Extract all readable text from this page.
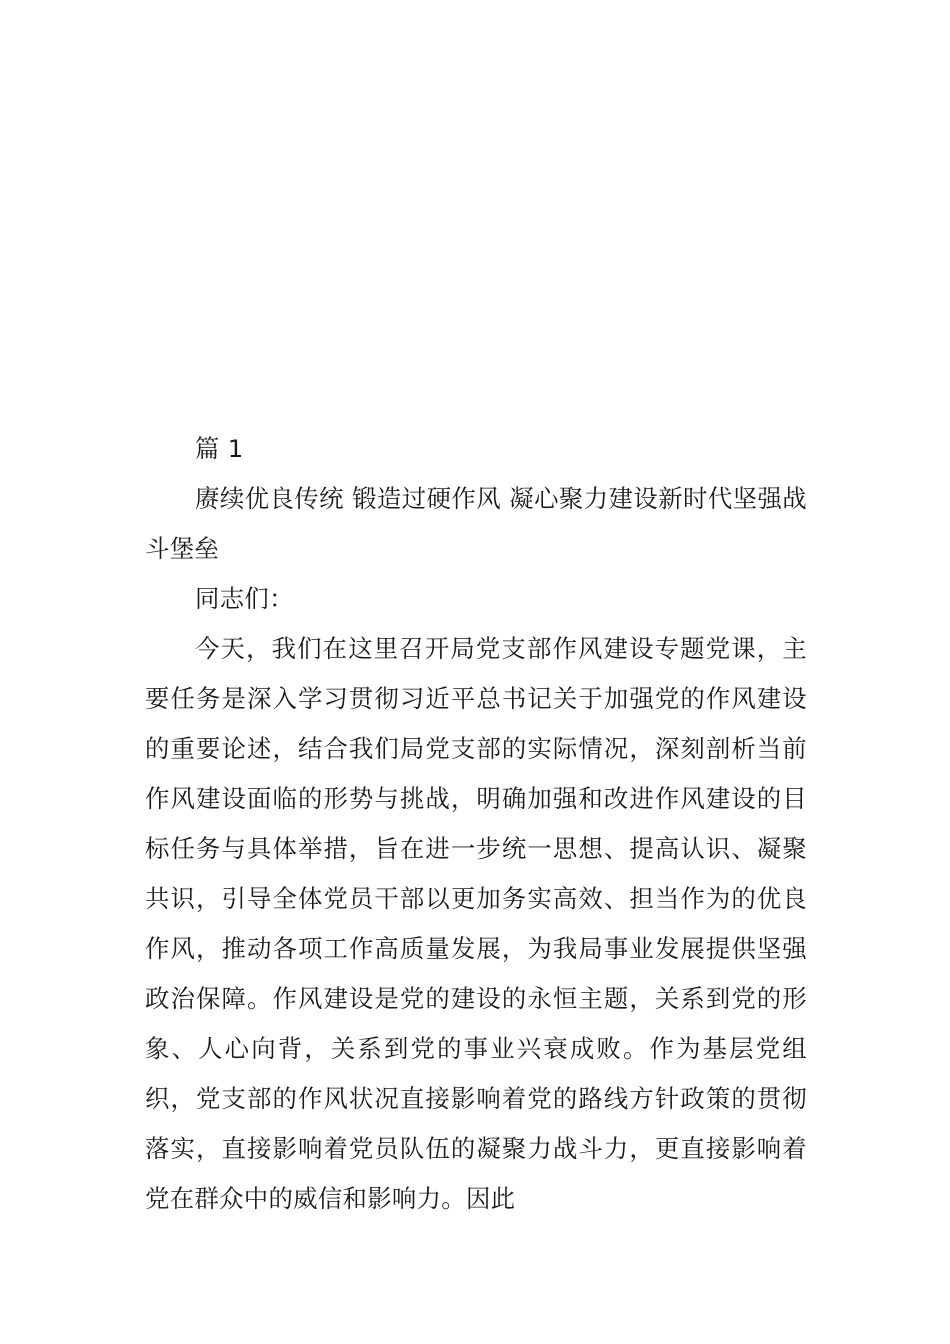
篇 1

赓续优良传统 锻造过硬作风 凝心聚力建设新时代坚强战斗堡垒

同志们：

今天，我们在这里召开局党支部作风建设专题党课，主要任务是深入学习贯彻习近平总书记关于加强党的作风建设的重要论述，结合我们局党支部的实际情况，深刻剖析当前作风建设面临的形势与挑战，明确加强和改进作风建设的目标任务与具体举措，旨在进一步统一思想、提高认识、凝聚共识，引导全体党员干部以更加务实高效、担当作为的优良作风，推动各项工作高质量发展，为我局事业发展提供坚强政治保障。作风建设是党的建设的永恒主题，关系到党的形象、人心向背，关系到党的事业兴衰成败。作为基层党组织，党支部的作风状况直接影响着党的路线方针政策的贯彻落实，直接影响着党员队伍的凝聚力战斗力，更直接影响着党在群众中的威信和影响力。因此
